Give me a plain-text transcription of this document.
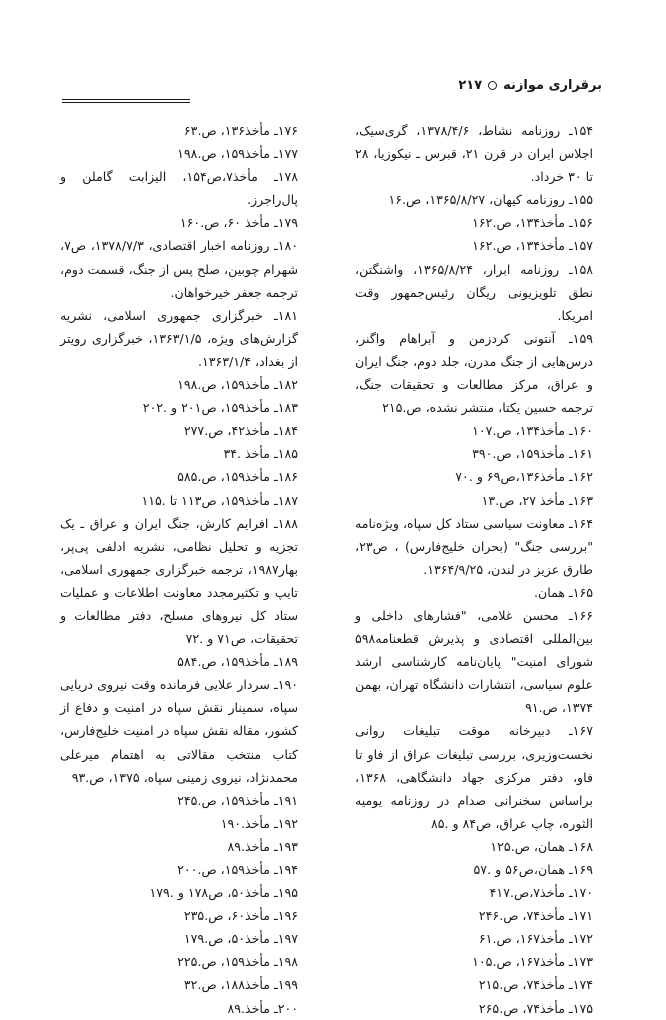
برقراری موازنه
۲۱۷

۱۵۴ـ روزنامه نشاط، ۱۳۷۸/۴/۶، گری‌سیک، اجلاس ایران در قرن ۲۱، قبرس ـ نیکوزیا، ۲۸ تا ۳۰ خرداد.

۱۵۵ـ روزنامه کیهان، ۱۳۶۵/۸/۲۷، ص.۱۶

۱۵۶ـ مأخذ۱۳۴، ص.۱۶۲

۱۵۷ـ مأخذ۱۳۴، ص.۱۶۲

۱۵۸ـ روزنامه ابرار، ۱۳۶۵/۸/۲۴، واشنگتن، نطق تلویزیونی ریگان رئیس‌جمهور وقت امریکا.

۱۵۹ـ آنتونی کردزمن و آبراهام واگنر، درس‌هایی از جنگ مدرن، جلد دوم، جنگ ایران و عراق، مرکز مطالعات و تحقیقات جنگ، ترجمه حسین یکتا، منتشر نشده، ص.۲۱۵

۱۶۰ـ مأخذ۱۳۴، ص.۱۰۷

۱۶۱ـ مأخذ۱۵۹، ص.۳۹۰

۱۶۲ـ مأخذ۱۳۶،ص۶۹ و .۷۰

۱۶۳ـ مأخذ ۲۷، ص.۱۳

۱۶۴ـ معاونت سیاسی ستاد کل سپاه، ویژه‌نامه "بررسی جنگ" (بحران خلیج‌فارس) ، ص۲۳، طارق عزیز در لندن، ۱۳۶۴/۹/۲۵.

۱۶۵ـ همان.

۱۶۶ـ محسن غلامی، "فشارهای داخلی و بین‌المللی اقتصادی و پذیرش قطعنامه۵۹۸ شورای امنیت" پایان‌نامه کارشناسی ارشد علوم سیاسی، انتشارات دانشگاه تهران، بهمن ۱۳۷۴، ص.۹۱

۱۶۷ـ دبیرخانه موقت تبلیغات روانی نخست‌وزیری، بررسی تبلیغات عراق از فاو تا فاو، دفتر مرکزی جهاد دانشگاهی، ۱۳۶۸، براساس سخنرانی صدام در روزنامه یومیه الثوره، چاپ عراق، ص۸۴ و .۸۵

۱۶۸ـ همان، ص.۱۲۵

۱۶۹ـ همان،ص۵۶ و .۵۷

۱۷۰ـ مأخذ۷،ص.۴۱۷

۱۷۱ـ مأخذ۷۴، ص.۲۴۶

۱۷۲ـ مأخذ۱۶۷، ص.۶۱

۱۷۳ـ مأخذ۱۶۷، ص.۱۰۵

۱۷۴ـ مأخذ۷۴، ص.۲۱۵

۱۷۵ـ مأخذ۷۴، ص.۲۶۵

۱۷۶ـ مأخذ۱۳۶، ص.۶۳

۱۷۷ـ مأخذ۱۵۹، ص.۱۹۸

۱۷۸ـ مأخذ۷،ص۱۵۴، الیزابت گاملن و پال‌راجرز.

۱۷۹ـ مأخذ ۶۰، ص.۱۶۰

۱۸۰ـ روزنامه اخبار اقتصادی، ۱۳۷۸/۷/۳، ص۷، شهرام چوبین، صلح پس از جنگ، قسمت دوم، ترجمه جعفر خیرخواهان.

۱۸۱ـ خبرگزاری جمهوری اسلامی، نشریه گزارش‌های ویژه، ۱۳۶۳/۱/۵، خبرگزاری رویتر از بغداد، ۱۳۶۳/۱/۴.

۱۸۲ـ مأخذ۱۵۹، ص.۱۹۸

۱۸۳ـ مأخذ۱۵۹، ص۲۰۱ و .۲۰۲

۱۸۴ـ مأخذ۴۲، ص.۲۷۷

۱۸۵ـ مأخذ .۳۴

۱۸۶ـ مأخذ۱۵۹، ص.۵۸۵

۱۸۷ـ مأخذ۱۵۹، ص۱۱۳ تا .۱۱۵

۱۸۸ـ افرایم کارش، جنگ ایران و عراق ـ یک تجزیه و تحلیل نظامی، نشریه ادلفی پی‌پر، بهار۱۹۸۷، ترجمه خبرگزاری جمهوری اسلامی، تایپ و تکثیرمجدد معاونت اطلاعات و عملیات ستاد کل نیروهای مسلح، دفتر مطالعات و تحقیقات، ص۷۱ و .۷۲

۱۸۹ـ مأخذ۱۵۹، ص.۵۸۴

۱۹۰ـ سردار علایی فرمانده وقت نیروی دریایی سپاه، سمینار نقش سپاه در امنیت و دفاع از کشور، مقاله نقش سپاه در امنیت خلیج‌فارس، کتاب منتخب مقالاتی به اهتمام میرعلی محمدنژاد، نیروی زمینی سپاه، ۱۳۷۵، ص.۹۳

۱۹۱ـ مأخذ۱۵۹، ص.۲۴۵

۱۹۲ـ مأخذ.۱۹۰

۱۹۳ـ مأخذ.۸۹

۱۹۴ـ مأخذ۱۵۹، ص.۲۰۰

۱۹۵ـ مأخذ۵۰، ص۱۷۸ و .۱۷۹

۱۹۶ـ مأخذ۶۰، ص.۲۳۵

۱۹۷ـ مأخذ۵۰، ص.۱۷۹

۱۹۸ـ مأخذ۱۵۹، ص.۲۲۵

۱۹۹ـ مأخذ۱۸۸، ص.۳۲

۲۰۰ـ مأخذ.۸۹
